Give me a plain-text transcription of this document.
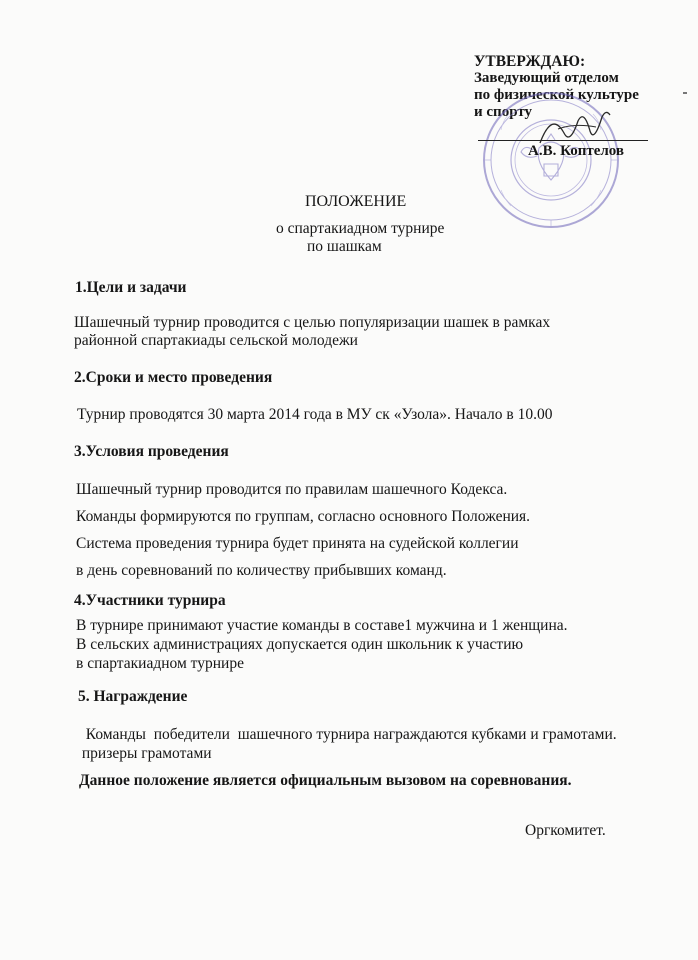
УТВЕРЖДАЮ:
Заведующий отделом
по физической культуре
и спорту
А.В. Коптелов
ПОЛОЖЕНИЕ
о спартакиадном турнире
по шашкам
1.Цели и задачи
Шашечный турнир проводится с целью популяризации шашек в рамках
районной спартакиады сельской молодежи
2.Сроки и место проведения
Турнир проводятся 30 марта 2014 года в МУ ск «Узола». Начало в 10.00
3.Условия проведения
Шашечный турнир проводится по правилам шашечного Кодекса.
Команды формируются по группам, согласно основного Положения.
Система проведения турнира будет принята на судейской коллегии
в день соревнований по количеству прибывших команд.
4.Участники турнира
В турнире принимают участие команды в составе1 мужчина и 1 женщина.
В сельских администрациях допускается один школьник к участию
в спартакиадном турнире
5. Награждение
Команды  победители  шашечного турнира награждаются кубками и грамотами.
призеры грамотами
Данное положение является официальным вызовом на соревнования.
Оргкомитет.
